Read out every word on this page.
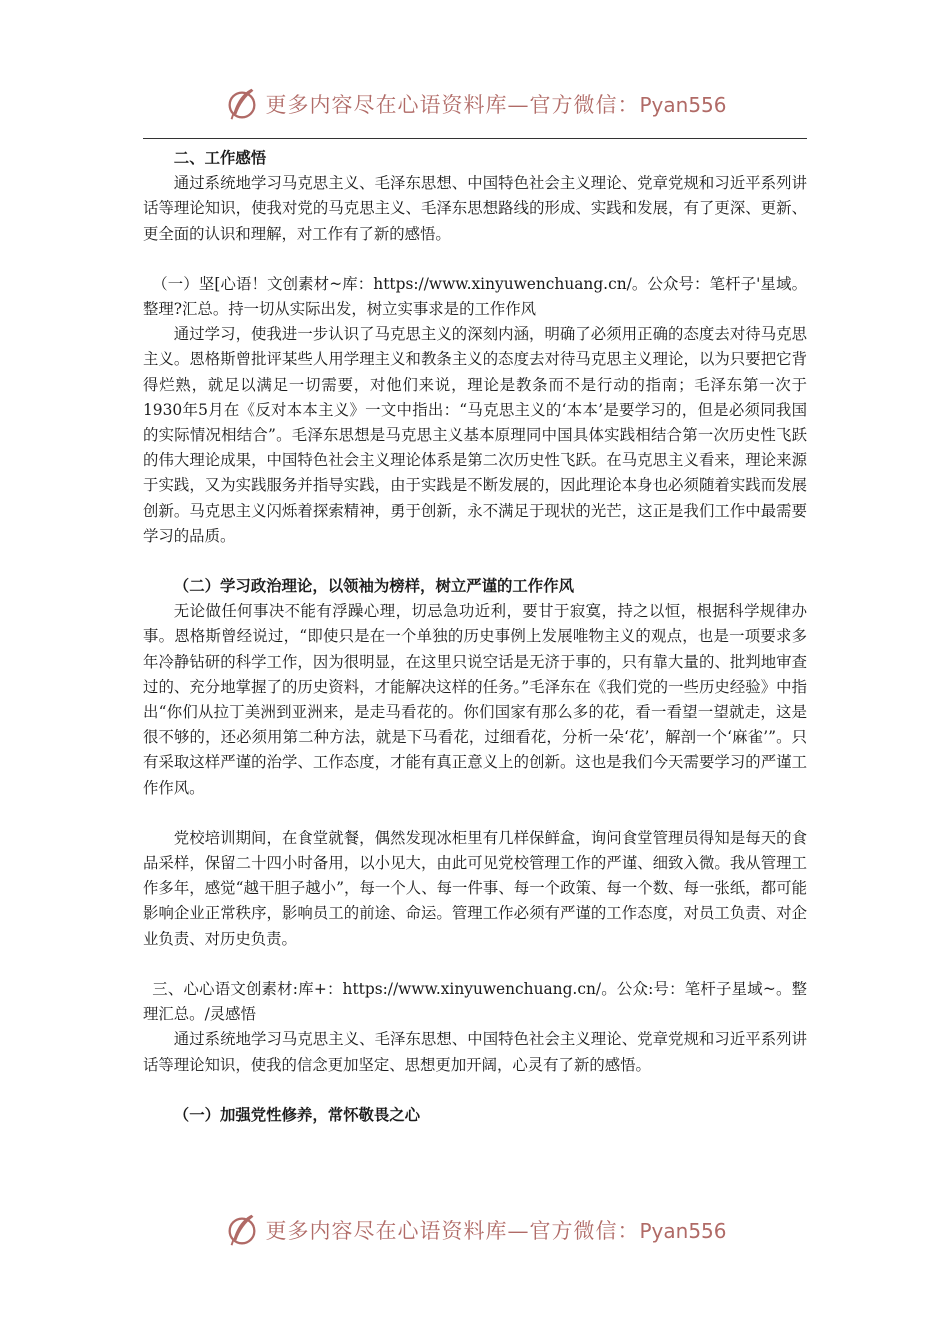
更多内容尽在心语资料库—官方微信：Pyan556

二、工作感悟

通过系统地学习马克思主义、毛泽东思想、中国特色社会主义理论、党章党规和习近平系列讲话等理论知识，使我对党的马克思主义、毛泽东思想路线的形成、实践和发展，有了更深、更新、更全面的认识和理解，对工作有了新的感悟。

（一）坚[心语！文创素材~库：https://www.xinyuwenchuang.cn/。公众号：笔杆子'星域。整理?汇总。持一切从实际出发，树立实事求是的工作作风

通过学习，使我进一步认识了马克思主义的深刻内涵，明确了必须用正确的态度去对待马克思主义。恩格斯曾批评某些人用学理主义和教条主义的态度去对待马克思主义理论，以为只要把它背得烂熟，就足以满足一切需要，对他们来说，理论是教条而不是行动的指南；毛泽东第一次于1930年5月在《反对本本主义》一文中指出：“马克思主义的‘本本’是要学习的，但是必须同我国的实际情况相结合”。毛泽东思想是马克思主义基本原理同中国具体实践相结合第一次历史性飞跃的伟大理论成果，中国特色社会主义理论体系是第二次历史性飞跃。在马克思主义看来，理论来源于实践，又为实践服务并指导实践，由于实践是不断发展的，因此理论本身也必须随着实践而发展创新。马克思主义闪烁着探索精神，勇于创新，永不满足于现状的光芒，这正是我们工作中最需要学习的品质。

（二）学习政治理论，以领袖为榜样，树立严谨的工作作风

无论做任何事决不能有浮躁心理，切忌急功近利，要甘于寂寞，持之以恒，根据科学规律办事。恩格斯曾经说过，“即使只是在一个单独的历史事例上发展唯物主义的观点，也是一项要求多年冷静钻研的科学工作，因为很明显，在这里只说空话是无济于事的，只有靠大量的、批判地审查过的、充分地掌握了的历史资料，才能解决这样的任务。”毛泽东在《我们党的一些历史经验》中指出“你们从拉丁美洲到亚洲来，是走马看花的。你们国家有那么多的花，看一看望一望就走，这是很不够的，还必须用第二种方法，就是下马看花，过细看花，分析一朵‘花’，解剖一个‘麻雀’”。只有采取这样严谨的治学、工作态度，才能有真正意义上的创新。这也是我们今天需要学习的严谨工作作风。

党校培训期间，在食堂就餐，偶然发现冰柜里有几样保鲜盒，询问食堂管理员得知是每天的食品采样，保留二十四小时备用，以小见大，由此可见党校管理工作的严谨、细致入微。我从管理工作多年，感觉“越干胆子越小”，每一个人、每一件事、每一个政策、每一个数、每一张纸，都可能影响企业正常秩序，影响员工的前途、命运。管理工作必须有严谨的工作态度，对员工负责、对企业负责、对历史负责。

三、心心语文创素材:库+：https://www.xinyuwenchuang.cn/。公众:号：笔杆子星域~。整理汇总。/灵感悟

通过系统地学习马克思主义、毛泽东思想、中国特色社会主义理论、党章党规和习近平系列讲话等理论知识，使我的信念更加坚定、思想更加开阔，心灵有了新的感悟。

（一）加强党性修养，常怀敬畏之心

更多内容尽在心语资料库—官方微信：Pyan556
